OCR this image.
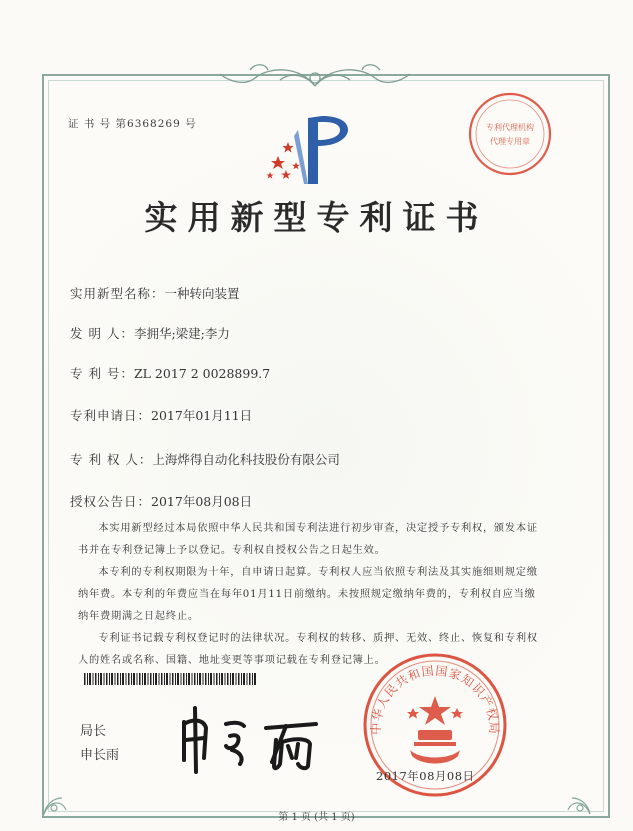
证 书 号 第6368269 号	专利代理机构
代理专用章
实用新型专利证书
实用新型名称：一种转向装置
发 明 人：李拥华;梁建;李力
专 利 号：ZL 2017 2 0028899.7
专利申请日：2017年01月11日
专 利 权 人：上海烨得自动化科技股份有限公司
授权公告日：2017年08月08日

本实用新型经过本局依照中华人民共和国专利法进行初步审查，决定授予专利权，颁发本证书并在专利登记簿上予以登记。专利权自授权公告之日起生效。

本专利的专利权期限为十年，自申请日起算。专利权人应当依照专利法及其实施细则规定缴纳年费。本专利的年费应当在每年01月11日前缴纳。未按照规定缴纳年费的，专利权自应当缴纳年费期满之日起终止。

专利证书记载专利权登记时的法律状况。专利权的转移、质押、无效、终止、恢复和专利权人的姓名或名称、国籍、地址变更等事项记载在专利登记簿上。

局长
申长雨
中华人民共和国国家知识产权局
2017年08月08日
第 1 页 (共 1 页)
